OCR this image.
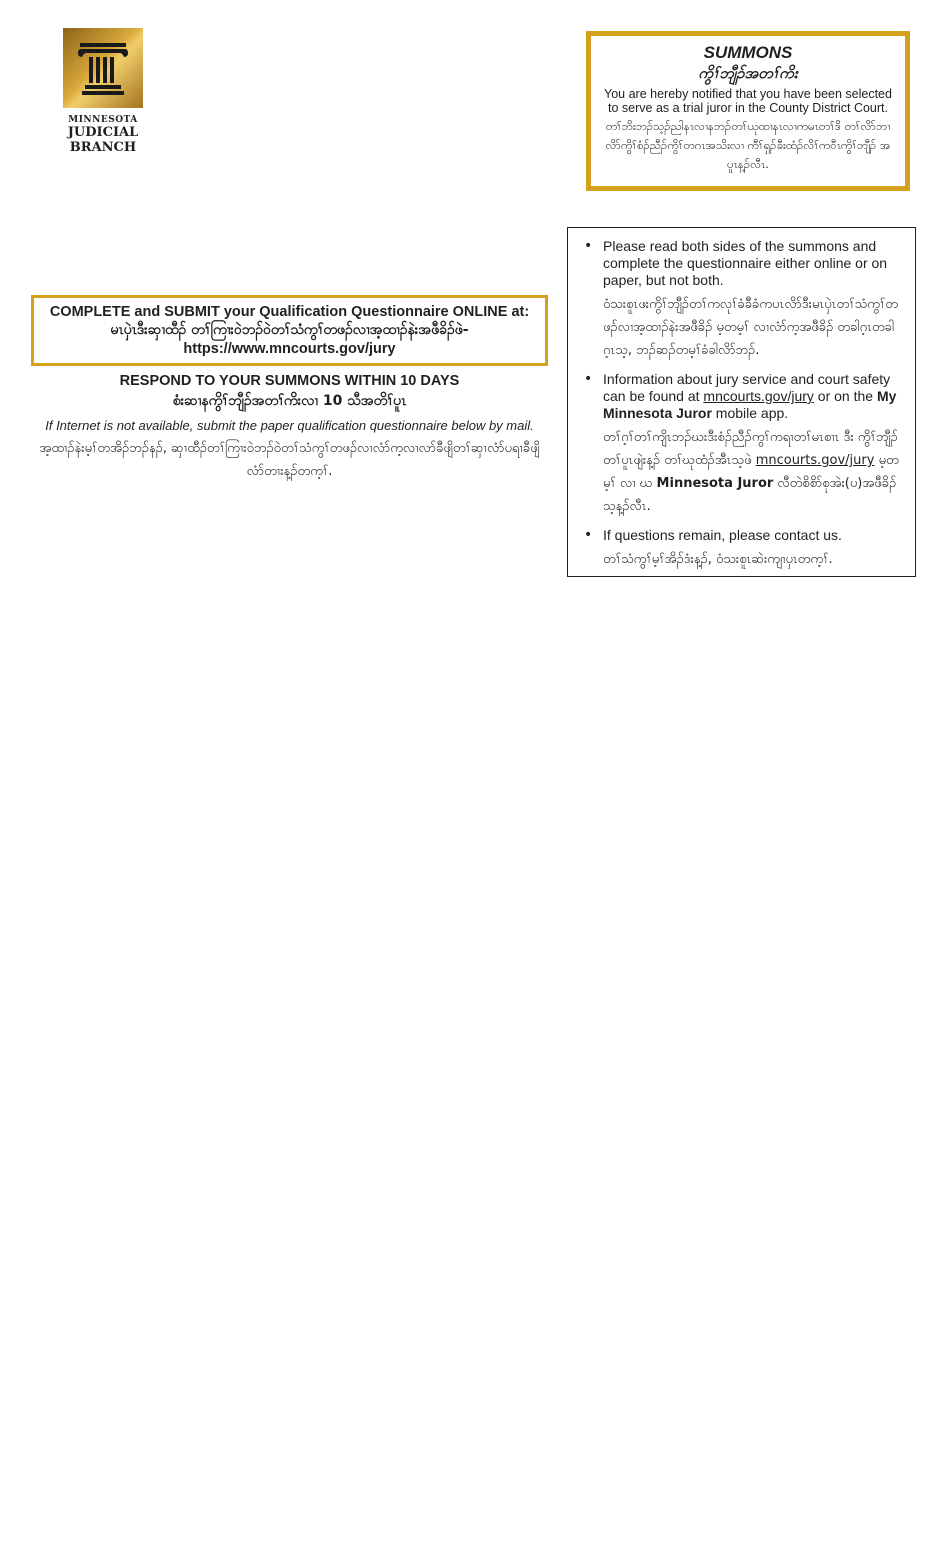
MINNESOTA
JUDICIAL
BRANCH
SUMMONS
ကွိၢ်ဘျီၣ်အတၢ်ကိး
You are hereby notified that you have been selected to serve as a trial juror in the County District Court.
တၢ်ဘိးဘၣ်သ့ၣ်ညါနၤလၢနဘၣ်တၢ်ယုထၢနၤလၢကမၤတၢ်ဒိ တၢ်လိာ်ဘၢလိာ်ကွိၢ်စံၣ်ညီၣ်ကွိၢ်တဂၤအသိးလၢ ကီၢ်ရှၣ်ခီးထံၣ်လိၢ်ကဝီၤကွိၢ်ဘျီၣ် အပူၤန့ၣ်လီၤ.
COMPLETE and SUBMIT your Qualification Questionnaire ONLINE at:
မၤပှဲၤဒီးဆှၢထီၣ် တၢ်ကြၢးဝဲဘၣ်ဝဲတၢ်သံကွၢ်တဖၣ်လၢအ့ထၢၣ်နဲးအဖီခိၣ်ဖဲ-
https://www.mncourts.gov/jury
RESPOND TO YOUR SUMMONS WITHIN 10 DAYS
စံးဆၢနကွိၢ်ဘျီၣ်အတၢ်ကိးလၢ 10 သီအတိၢ်ပူၤ
If Internet is not available, submit the paper qualification questionnaire below by mail.
အ့ထၢၣ်နဲးမ့ၢ်တအိၣ်ဘၣ်နၣ်, ဆှၢထီၣ်တၢ်ကြၢးဝဲဘၣ်ဝဲတၢ်သံကွၢ်တဖၣ်လၢလံာ်က့လၢလာ်ခီဖျိတၢ်ဆှၢလံာ်ပရၢခီဖျိလံာ်တၢးန့ၣ်တက့ၢ်.
• Please read both sides of the summons and complete the questionnaire either online or on paper, but not both.
ဝံသးစူၤဖးကွိၢ်ဘျီၣ်တၢ်ကလုၢ်ခံခီခံကပၤလိာ်ဒီးမၤပှဲၤတၢ်သံကွၢ်တဖၣ်လၢအ့ထၢၣ်နဲးအဖီခိၣ် မ့တမ့ၢ် လၢလံာ်က့အဖီခိၣ် တခါဂ့ၤတခါဂ့ၤသ့, ဘၣ်ဆၣ်တမ့ၢ်ခံခါလိာ်ဘၣ်.
• Information about jury service and court safety can be found at mncourts.gov/jury or on the My Minnesota Juror mobile app.
တၢ်ဂ့ၢ်တၢ်ကျိၤဘၣ်ဃးဒီးစံၣ်ညီၣ်ကွၢ်ကရၢတၢ်မၤစၢၤ ဒီး ကွိၢ်ဘျီၣ်တၢ်ပူၤဖျဲးန့ၣ် တၢ်ဃုထံၣ်အီၤသ့ဖဲ mncourts.gov/jury မ့တမ့ၢ် လၢ ဃ Minnesota Juror လီတဲစိစိာ်စုအဲး(ပ)အဖီခိၣ် သ့န့ၣ်လီၤ.
• If questions remain, please contact us.
တၢ်သံကွၢ်မ့ၢ်အိၣ်ဒံးန့ၣ်, ဝံသးစူၤဆဲးကျၢပှၤတက့ၢ်.
